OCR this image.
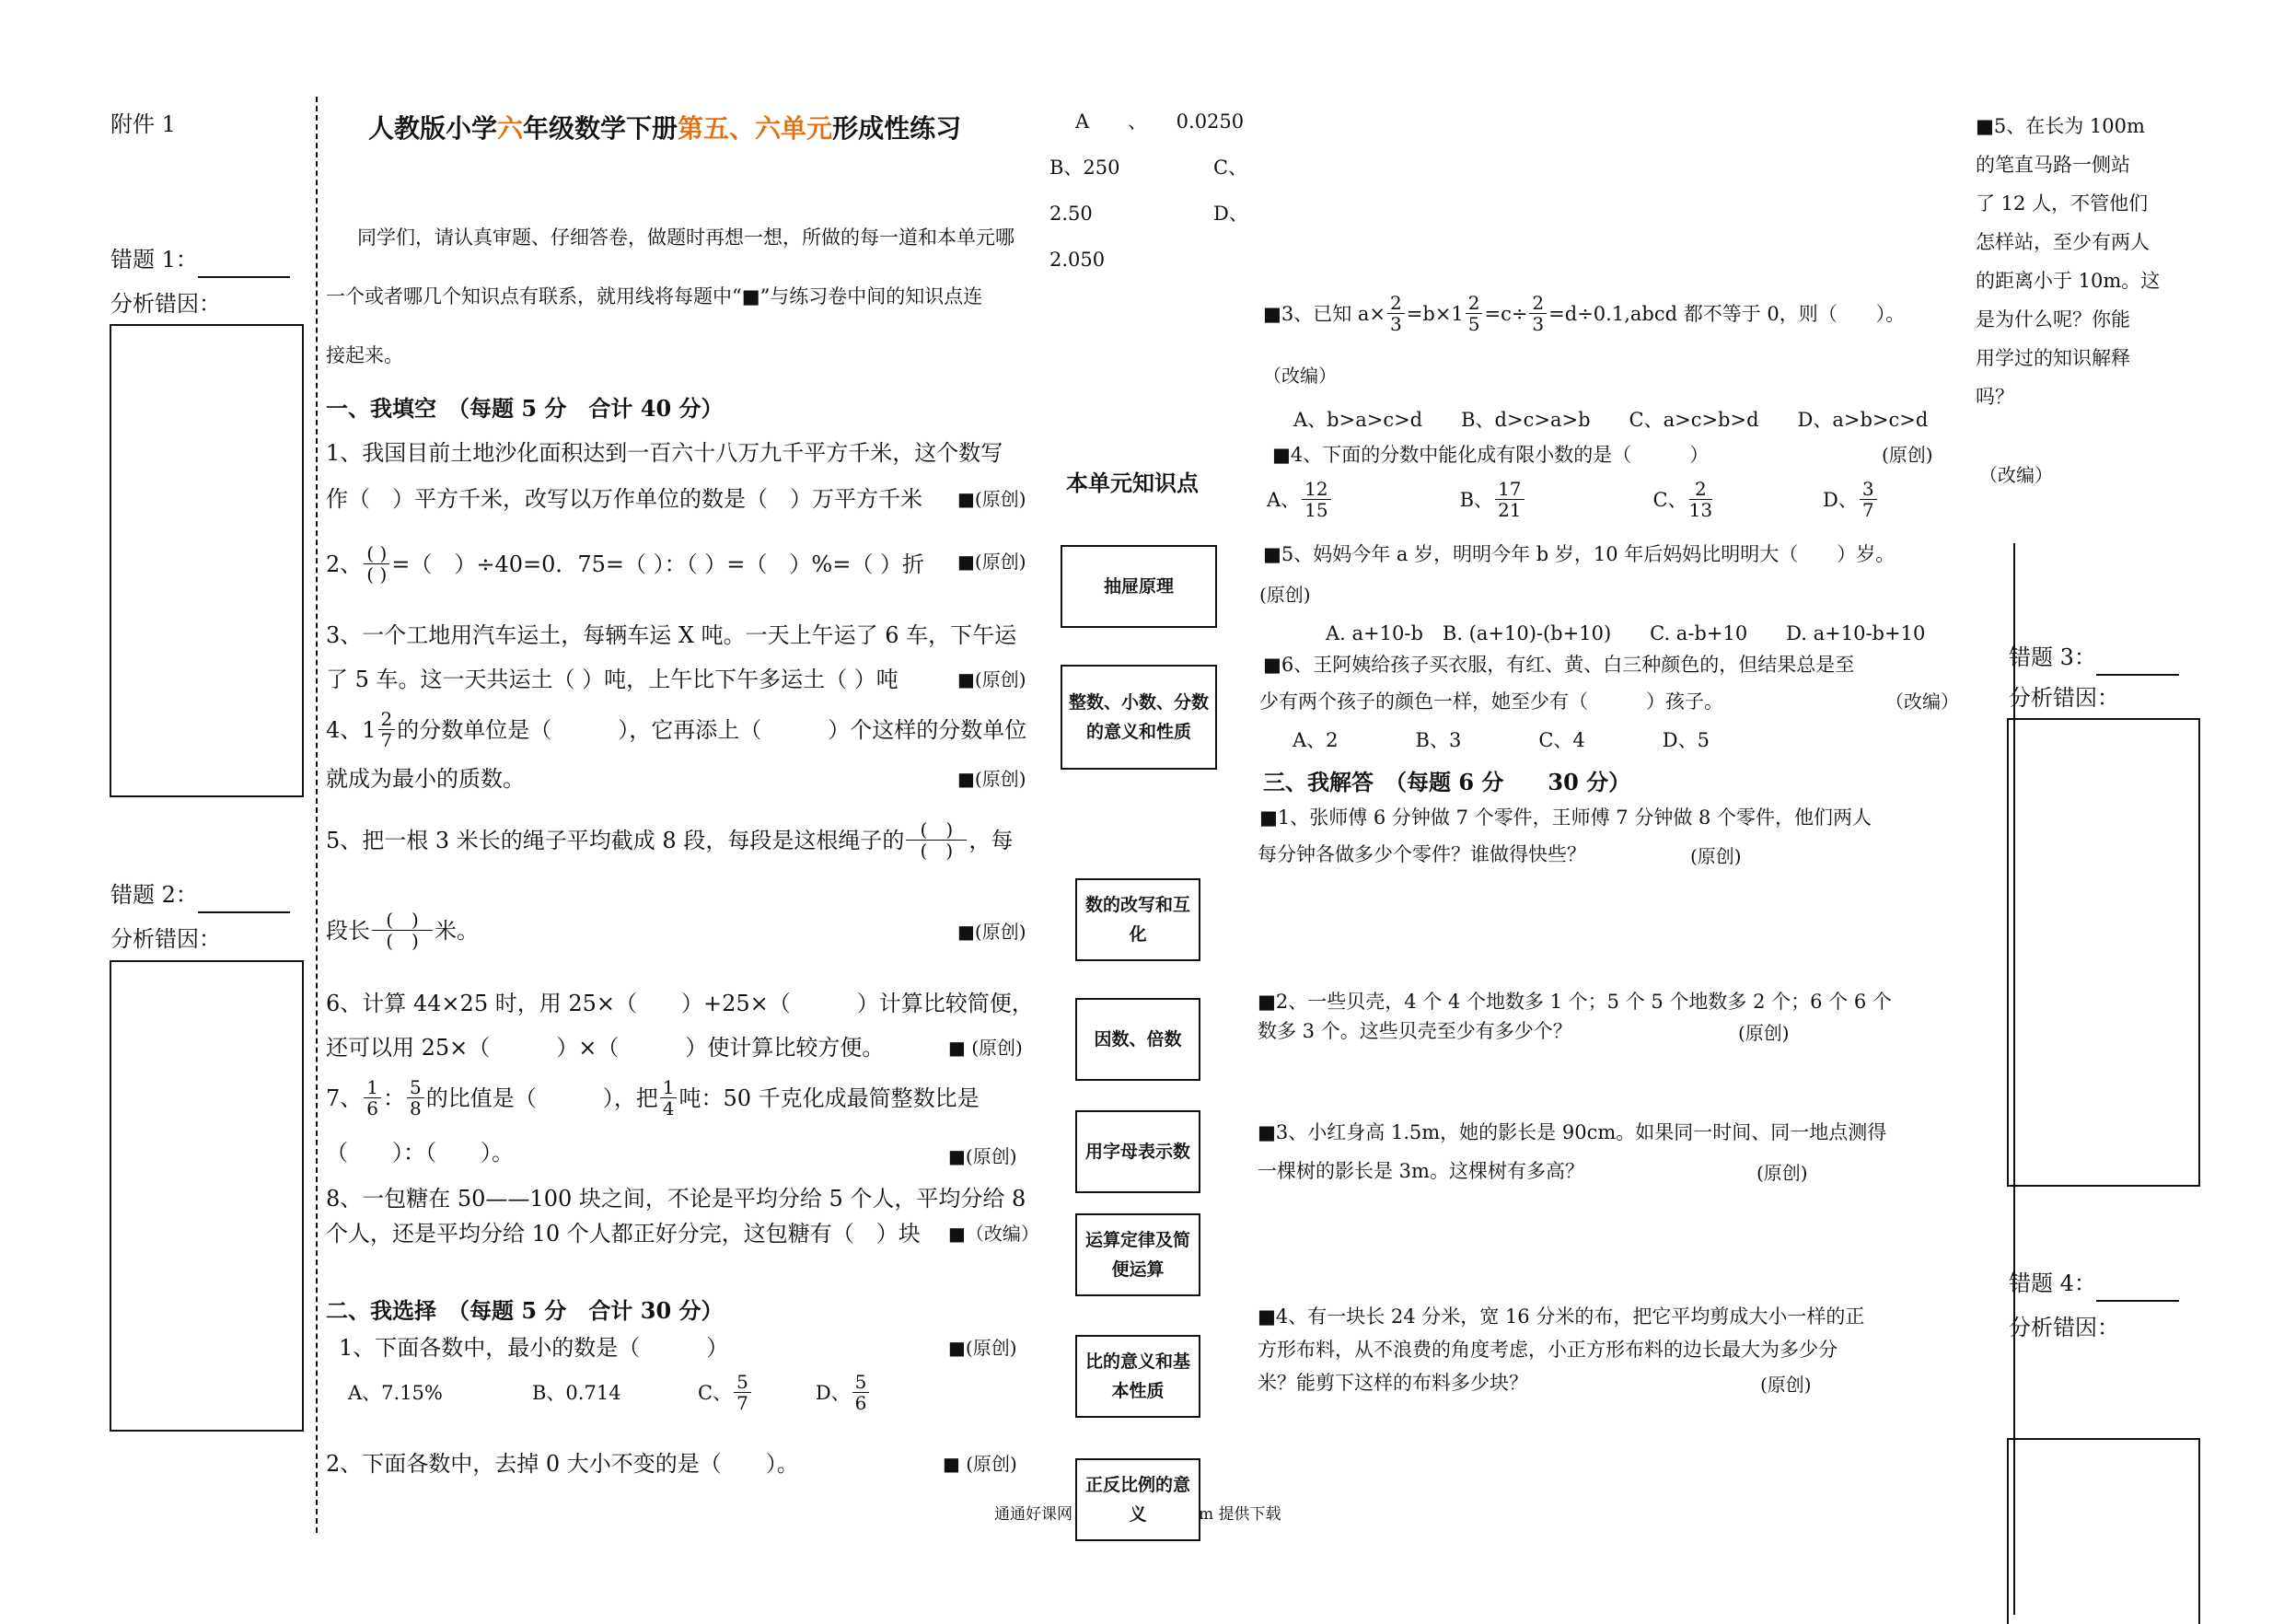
附件 1
错题 1：
分析错因：
错题 2：
分析错因：
人教版小学六年级数学下册第五、六单元形成性练习
同学们，请认真审题、仔细答卷，做题时再想一想，所做的每一道和本单元哪
一个或者哪几个知识点有联系，就用线将每题中“■”与练习卷中间的知识点连
接起来。
一、我填空　（每题 5 分　合计 40 分）
1、我国目前土地沙化面积达到一百六十八万九千平方千米，这个数写
作（　）平方千米，改写以万作单位的数是（　）万平方千米 ■(原创)
2、 $\frac{( )}{( )}$ =（　）÷40=0．75=（ ）：（ ）=（　）%=（ ）折 ■(原创)
3、一个工地用汽车运土，每辆车运 X 吨。一天上午运了 6 车，下午运
了 5 车。这一天共运土（ ）吨，上午比下午多运土（ ）吨	■(原创)
4、$1 \frac{2}{7}$ 的分数单位是（　　　），它再添上（　　　）个这样的分数单位
就成为最小的质数。	■(原创)
5、把一根 3 米长的绳子平均截成 8 段，每段是这根绳子的 $\frac{( )}{( )}$ ，每
段长 $\frac{( )}{( )}$ 米。	■(原创)
6、计算 44×25 时，用 25×（　　）+25×（　　　）计算比较简便，
还可以用 25×（　　　）×（　　　）使计算比较方便。	■ (原创)
7、 $\frac{1}{6}$ ： $\frac{5}{8}$ 的比值是（　　　），把 $\frac{1}{4}$ 吨：50 千克化成最简整数比是
（　　）：（　　）。	■(原创)
8、一包糖在 50——100 块之间，不论是平均分给 5 个人，平均分给 8
个人，还是平均分给 10 个人都正好分完，这包糖有（　）块 ■（改编）
二、我选择　（每题 5 分　合计 30 分）
1、下面各数中，最小的数是（　　　）	■(原创)
A、7.15%	B、0.714	C、 $\frac{5}{7}$	D、 $\frac{5}{6}$
2、下面各数中，去掉 0 大小不变的是（　　）。	■ (原创)
A　　、　　0.0250
B、250	C、
2.50	D、
2.050
本单元知识点
抽屉原理
整数、小数、分数的意义和性质
数的改写和互化
因数、倍数
用字母表示数
运算定律及简便运算
比的意义和基本性质
正反比例的意义
通通好课网	m 提供下载
■3、已知 $a\times \frac{2}{3} =b\times 1 \frac{2}{5} =c\div \frac{2}{3}$ =d÷0.1,abcd 都不等于 0，则（　　）。
（改编）
A、b>a>c>d　　B、d>c>a>b　　C、a>c>b>d　　D、a>b>c>d
■4、下面的分数中能化成有限小数的是（　　　）	(原创)
A、 $\frac{12}{15}$	B、 $\frac{17}{21}$	C、 $\frac{2}{13}$	D、 $\frac{3}{7}$
■5、妈妈今年 a 岁，明明今年 b 岁，10 年后妈妈比明明大（　　）岁。
(原创)
A. a+10-b　B. (a+10)-(b+10)　　C. a-b+10　　D. a+10-b+10
■6、王阿姨给孩子买衣服，有红、黄、白三种颜色的，但结果总是至
少有两个孩子的颜色一样，她至少有（　　　）孩子。	（改编）
A、2　　　　B、3　　　　C、4　　　　D、5
三、我解答　（每题 6 分　　30 分）
■1、张师傅 6 分钟做 7 个零件，王师傅 7 分钟做 8 个零件，他们两人
每分钟各做多少个零件？谁做得快些？	(原创)
■2、一些贝壳，4 个 4 个地数多 1 个；5 个 5 个地数多 2 个；6 个 6 个
数多 3 个。这些贝壳至少有多少个？	(原创)
■3、小红身高 1.5m，她的影长是 90cm。如果同一时间、同一地点测得
一棵树的影长是 3m。这棵树有多高？	(原创)
■4、有一块长 24 分米，宽 16 分米的布，把它平均剪成大小一样的正
方形布料，从不浪费的角度考虑，小正方形布料的边长最大为多少分
米？能剪下这样的布料多少块？	(原创)
■5、在长为 100m
的笔直马路一侧站
了 12 人，不管他们
怎样站，至少有两人
的距离小于 10m。这
是为什么呢？你能
用学过的知识解释
吗？
（改编）
错题 3：
分析错因：
错题 4：
分析错因：
